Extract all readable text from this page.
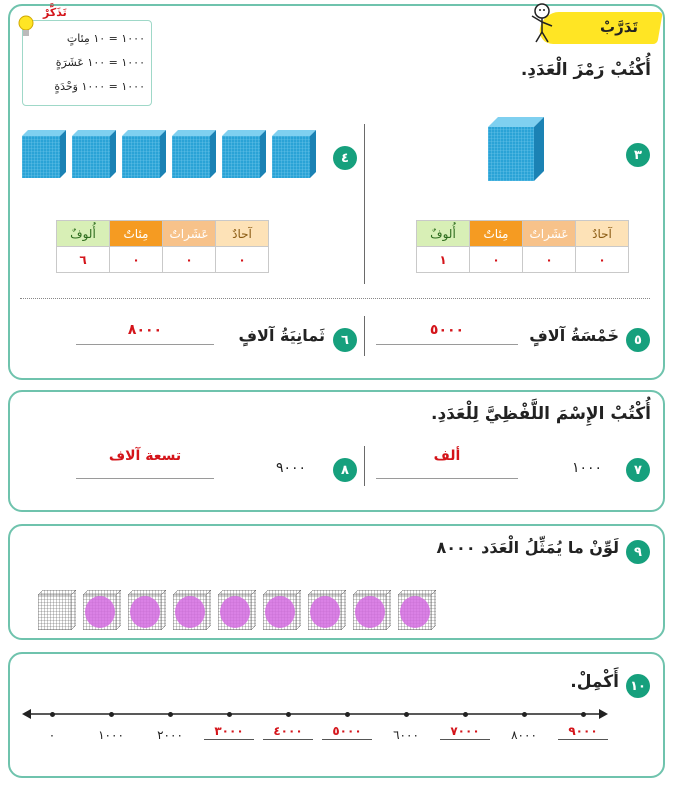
تَدَرَّبْ
أُكْتُبْ رَمْزَ الْعَدَدِ.
١٠٠٠ = ١٠ مِئاتٍ
١٠٠٠ = ١٠٠ عَشَرَةٍ
١٠٠٠ = ١٠٠٠ وَحْدَةٍ
تَذَكَّرْ
٣
آحادٌ	عَشَراتٌ	مِئاتٌ	أُلوفٌ
٠	٠	٠	١
٤
آحادٌ	عَشَراتٌ	مِئاتٌ	أُلوفٌ
٠	٠	٠	٦
٥
خَمْسَةُ آلافٍ
٥٠٠٠
٦
ثَمانِيَةُ آلافٍ
٨٠٠٠
أُكْتُبْ الإِسْمَ اللَّفْظِيَّ لِلْعَدَدِ.
٧
١٠٠٠
ألف
٨
٩٠٠٠
تسعة آلاف
٩
لَوِّنْ ما يُمَثِّلُ الْعَدَد ٨٠٠٠
١٠
أَكْمِلْ.
٠	١٠٠٠	٢٠٠٠	٣٠٠٠	٤٠٠٠	٥٠٠٠	٦٠٠٠	٧٠٠٠	٨٠٠٠	٩٠٠٠
